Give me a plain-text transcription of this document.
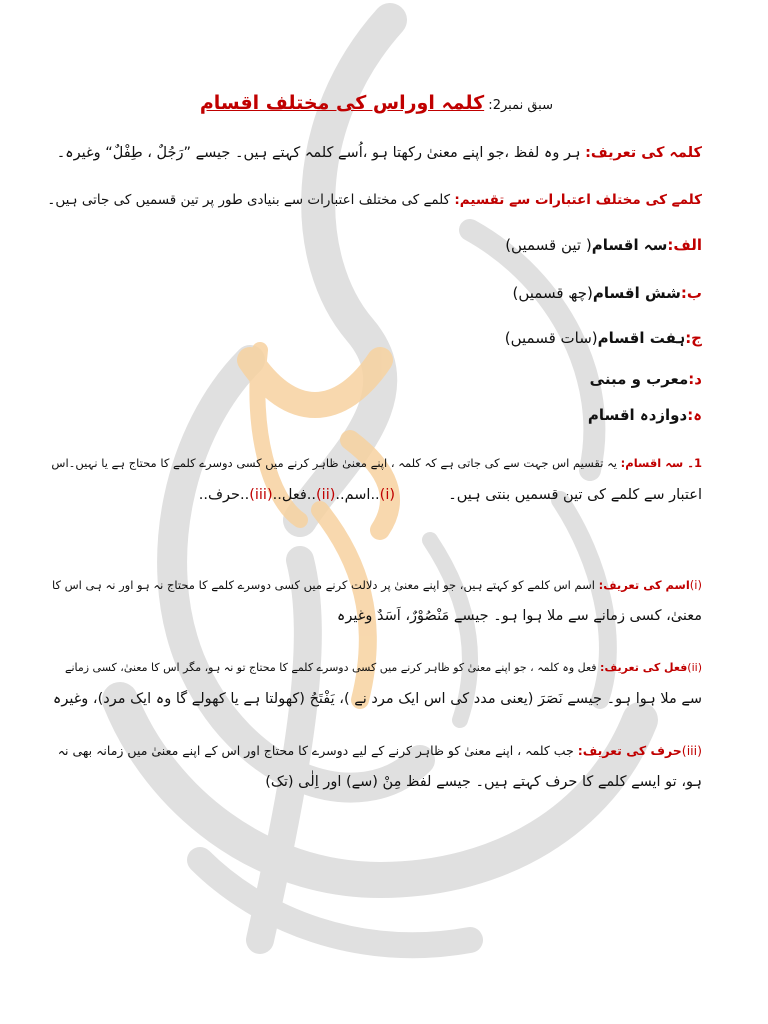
سبق نمبر2: کلمہ اوراس کی مختلف اقسام
کلمہ کی تعریف: ہر وہ لفظ ،جو اپنے معنیٰ رکھتا ہو ،اُسے کلمہ کہتے ہیں۔ جیسے ”رَجُلٌ ، طِفْلٌ“ وغیرہ۔
کلمے کی مختلف اعتبارات سے تقسیم: کلمے کی مختلف اعتبارات سے بنیادی طور پر تین قسمیں کی جاتی ہیں۔
الف:سہ اقسام( تین قسمیں)
ب:شش اقسام(چھ قسمیں)
ج:ہفت اقسام(سات قسمیں)
د:معرب و مبنی
ہ:دوازدہ اقسام
1۔ سہ اقسام: یہ تقسیم اس جہت سے کی جاتی ہے کہ کلمہ ، اپنے معنیٰ ظاہر کرنے میں کسی دوسرے کلمے کا محتاج ہے یا نہیں۔اس
اعتبار سے کلمے کی تین قسمیں بنتی ہیں۔  (i)..اسم..(ii)..فعل..(iii)..حرف..
(i)اسم کی تعریف: اسم اس کلمے کو کہتے ہیں، جو اپنے معنیٰ پر دلالت کرنے میں کسی دوسرے کلمے کا محتاج نہ ہو اور نہ ہی اس کا
معنیٰ، کسی زمانے سے ملا ہوا ہو۔ جیسے مَنْصُوْرٌ، اَسَدٌ وغیرہ
(ii)فعل کی تعریف: فعل وہ کلمہ ، جو اپنے معنیٰ کو ظاہر کرنے میں کسی دوسرے کلمے کا محتاج تو نہ ہو، مگر اس کا معنیٰ، کسی زمانے
سے ملا ہوا ہو۔ جیسے نَصَرَ (یعنی مدد کی اس ایک مرد نے )، یَفْتَحُ (کھولتا ہے یا کھولے گا وہ ایک مرد)، وغیرہ
(iii)حرف کی تعریف: جب کلمہ ، اپنے معنیٰ کو ظاہر کرنے کے لیے دوسرے کا محتاج اور اس کے اپنے معنیٰ میں زمانہ بھی نہ
ہو، تو ایسے کلمے کا حرف کہتے ہیں۔ جیسے لفظ مِنْ (سے) اور اِلٰی (تک)
